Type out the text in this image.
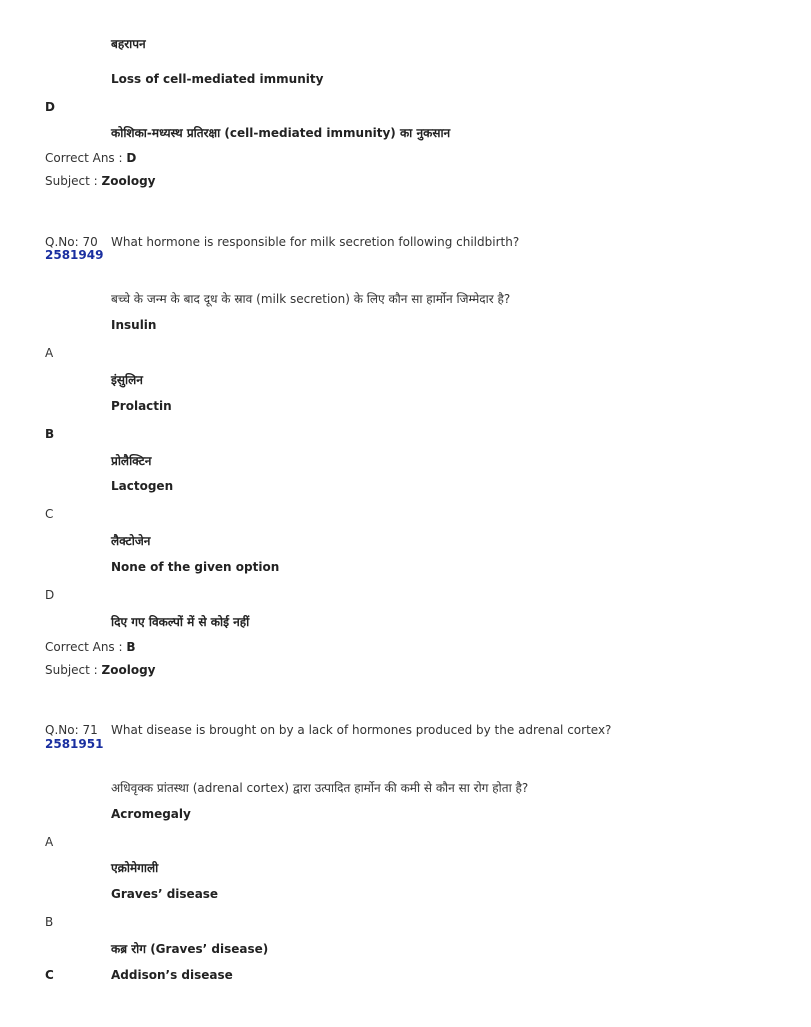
बहरापन
Loss of cell-mediated immunity
D
कोशिका-मध्यस्थ प्रतिरक्षा (cell-mediated immunity) का नुकसान
Correct Ans : D
Subject : Zoology
Q.No: 70
2581949
What hormone is responsible for milk secretion following childbirth?
बच्चे के जन्म के बाद दूध के स्राव (milk secretion) के लिए कौन सा हार्मोन जिम्मेदार है?
Insulin
A
इंसुलिन
Prolactin
B
प्रोलैक्टिन
Lactogen
C
लैक्टोजेन
None of the given option
D
दिए गए विकल्पों में से कोई नहीं
Correct Ans : B
Subject : Zoology
Q.No: 71
2581951
What disease is brought on by a lack of hormones produced by the adrenal cortex?
अधिवृक्क प्रांतस्था (adrenal cortex) द्वारा उत्पादित हार्मोन की कमी से कौन सा रोग होता है?
Acromegaly
A
एक्रोमेगाली
Graves’ disease
B
कब्र रोग (Graves’ disease)
C	Addison’s disease
